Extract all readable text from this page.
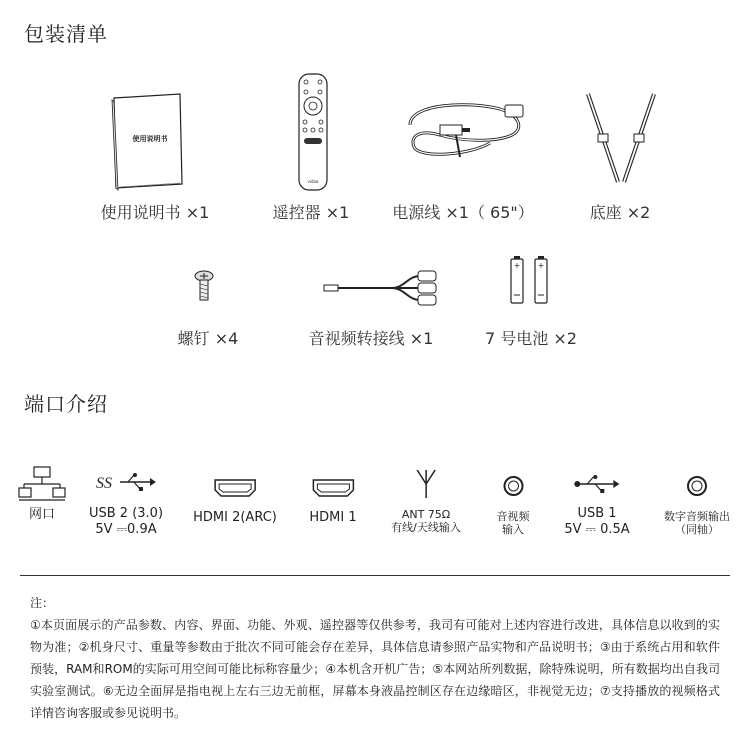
包装清单
使用说明书
vidaa
使用说明书 ×1	遥控器 ×1	电源线 ×1（ 65"）	底座 ×2
+ +
螺钉 ×4	音视频转接线 ×1	7 号电池 ×2
端口介绍
网口
SS
USB 2 (3.0)
5V ⎓0.9A
HDMI 2(ARC)	HDMI 1	ANT 75Ω
有线/天线输入
音视频
输入
USB 1
5V ⎓ 0.5A
数字音频输出
（同轴）
注：
①本页面展示的产品参数、内容、界面、功能、外观、遥控器等仅供参考，我司有可能对上述内容进行改进，具体信息以收到的实物为准；②机身尺寸、重量等参数由于批次不同可能会存在差异，具体信息请参照产品实物和产品说明书；③由于系统占用和软件预装，RAM和ROM的实际可用空间可能比标称容量少；④本机含开机广告；⑤本网站所列数据，除特殊说明，所有数据均出自我司实验室测试。⑥无边全面屏是指电视上左右三边无前框，屏幕本身液晶控制区存在边缘暗区，非视觉无边；⑦支持播放的视频格式详情咨询客服或参见说明书。
